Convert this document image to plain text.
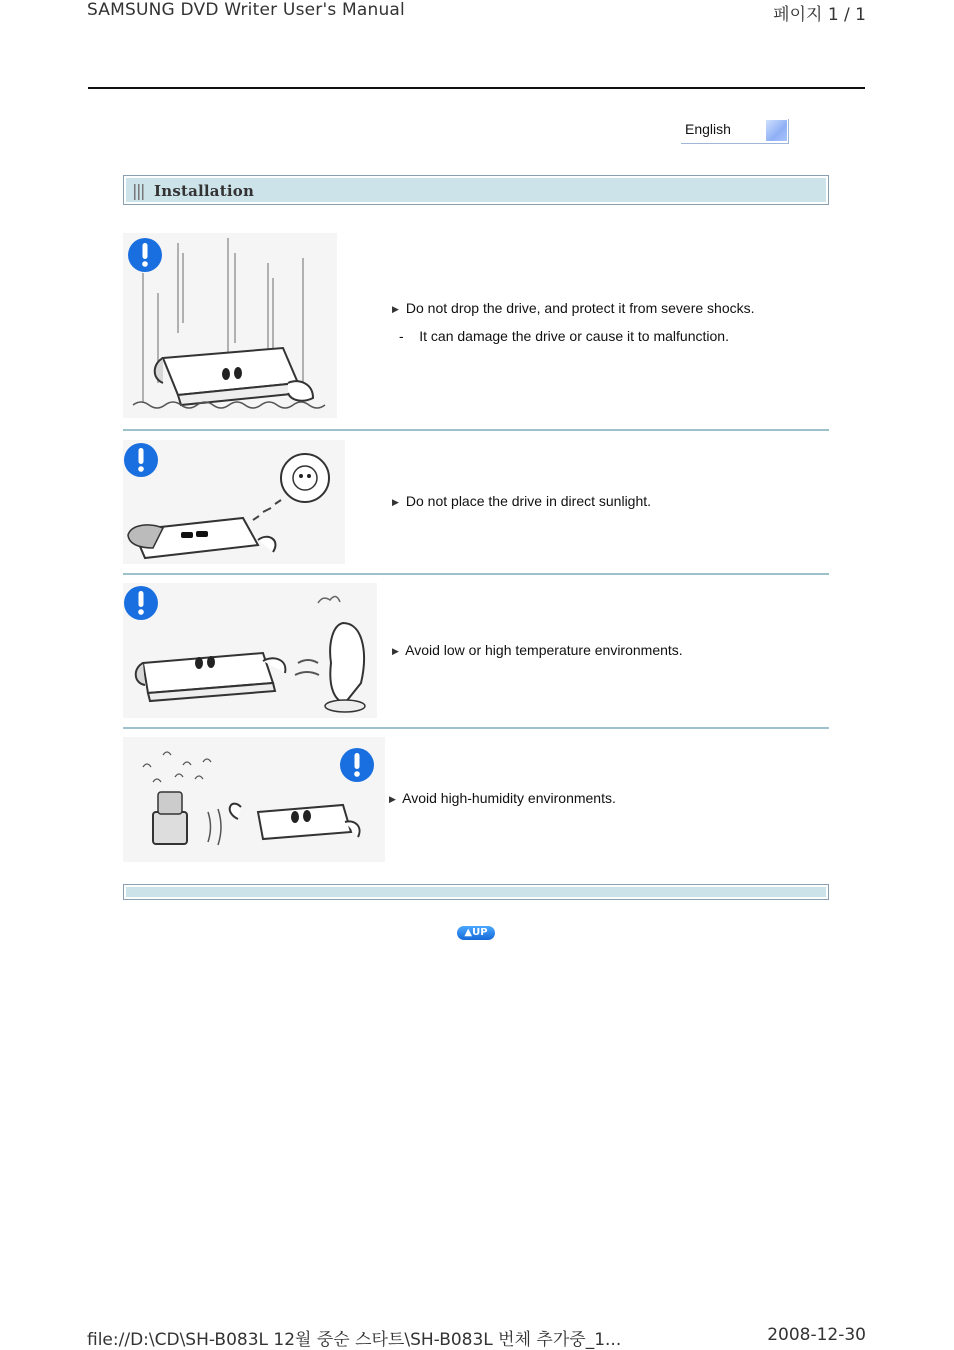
SAMSUNG DVD Writer User's Manual	페이지 1 / 1
English
Installation
▶ Do not drop the drive, and protect it from severe shocks.
-    It can damage the drive or cause it to malfunction.
▶ Do not place the drive in direct sunlight.
▶ Avoid low or high temperature environments.
▶ Avoid high-humidity environments.
▲UP
file://D:\CD\SH-B083L 12월 중순 스타트\SH-B083L 번체 추가중_1...	2008-12-30
